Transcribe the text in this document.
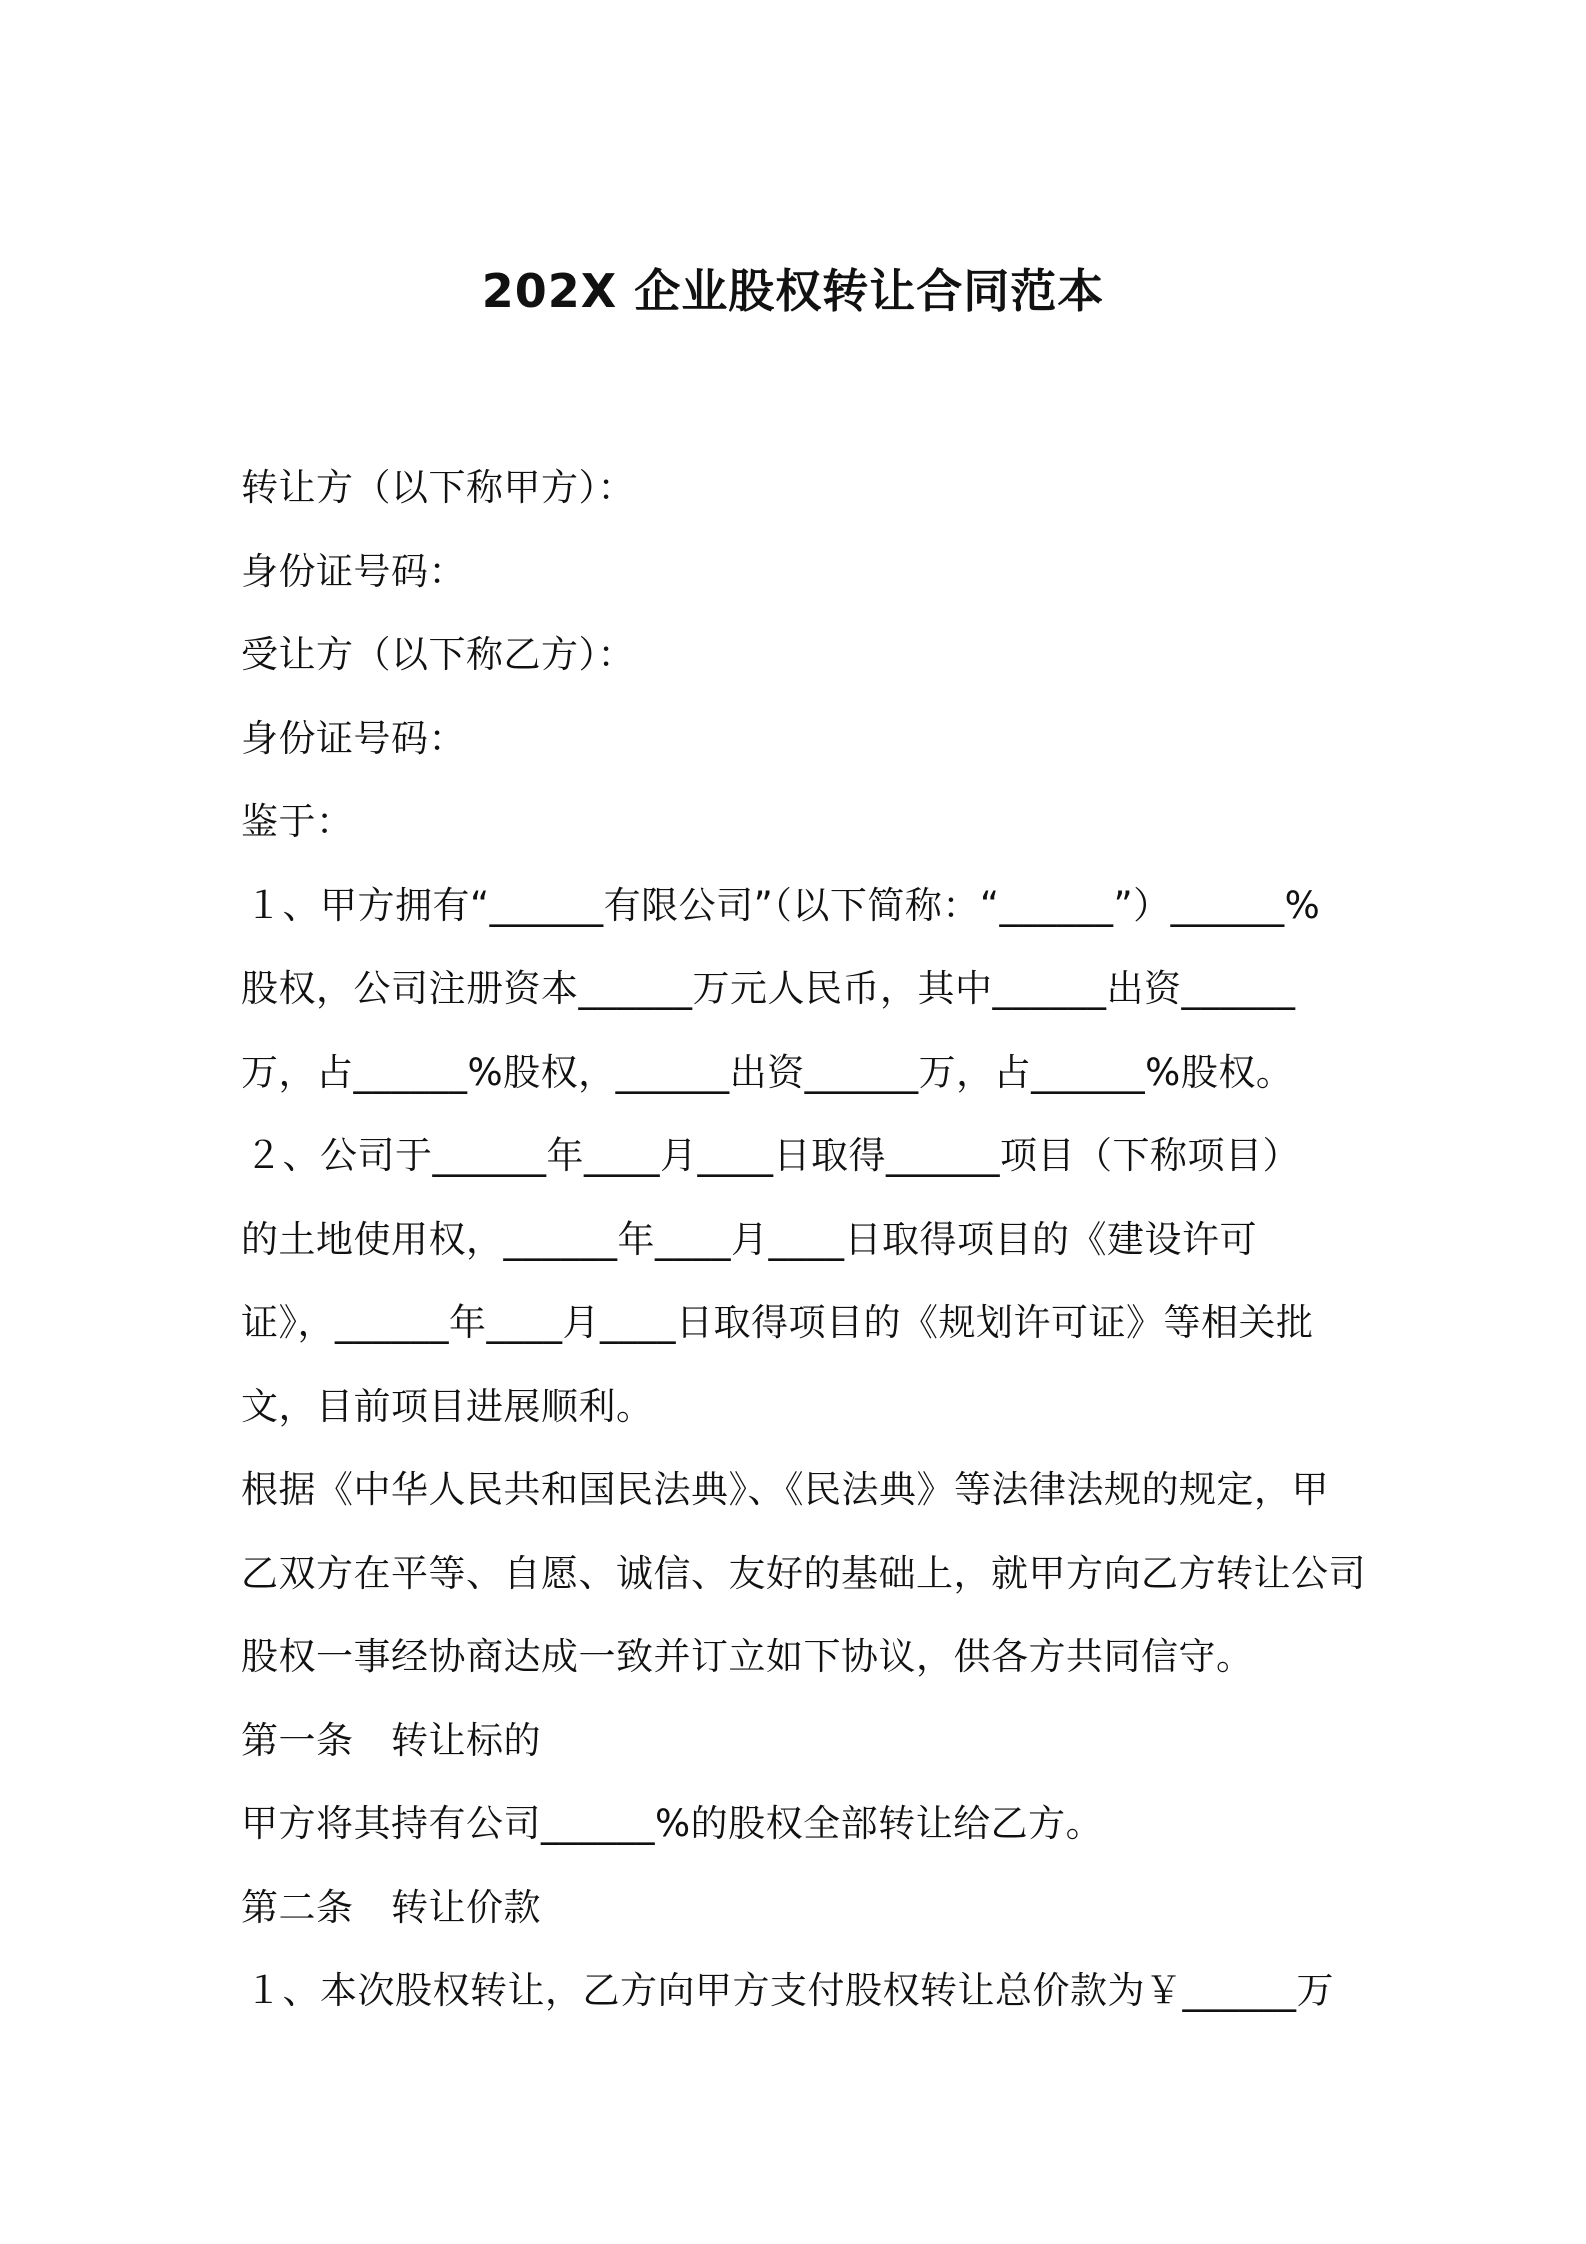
202X 企业股权转让合同范本
转让方（以下称甲方）：
身份证号码：
受让方（以下称乙方）：
身份证号码：
鉴于：
１、甲方拥有“______有限公司”（以下简称：“______”）______%
股权，公司注册资本______万元人民币，其中______出资______
万，占______%股权，______出资______万，占______%股权。
２、公司于______年____月____日取得______项目（下称项目）
的土地使用权，______年____月____日取得项目的《建设许可
证》，______年____月____日取得项目的《规划许可证》等相关批
文，目前项目进展顺利。
根据《中华人民共和国民法典》、《民法典》等法律法规的规定，甲
乙双方在平等、自愿、诚信、友好的基础上，就甲方向乙方转让公司
股权一事经协商达成一致并订立如下协议，供各方共同信守。
第一条　转让标的
甲方将其持有公司______%的股权全部转让给乙方。
第二条　转让价款
１、本次股权转让，乙方向甲方支付股权转让总价款为￥______万
